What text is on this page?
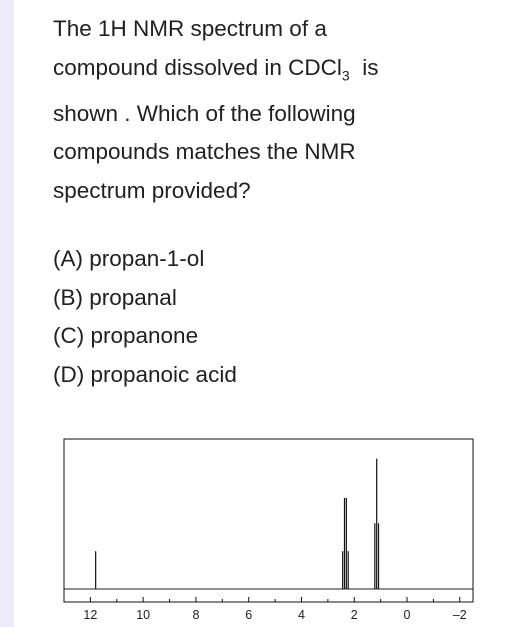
The 1H NMR spectrum of a

compound dissolved in CDCl$_3$  is

shown . Which of the following

compounds matches the NMR

spectrum provided?

(A) propan-1-ol
(B) propanal
(C) propanone
(D) propanoic acid
12	10	8	6	4	2	0	–2
